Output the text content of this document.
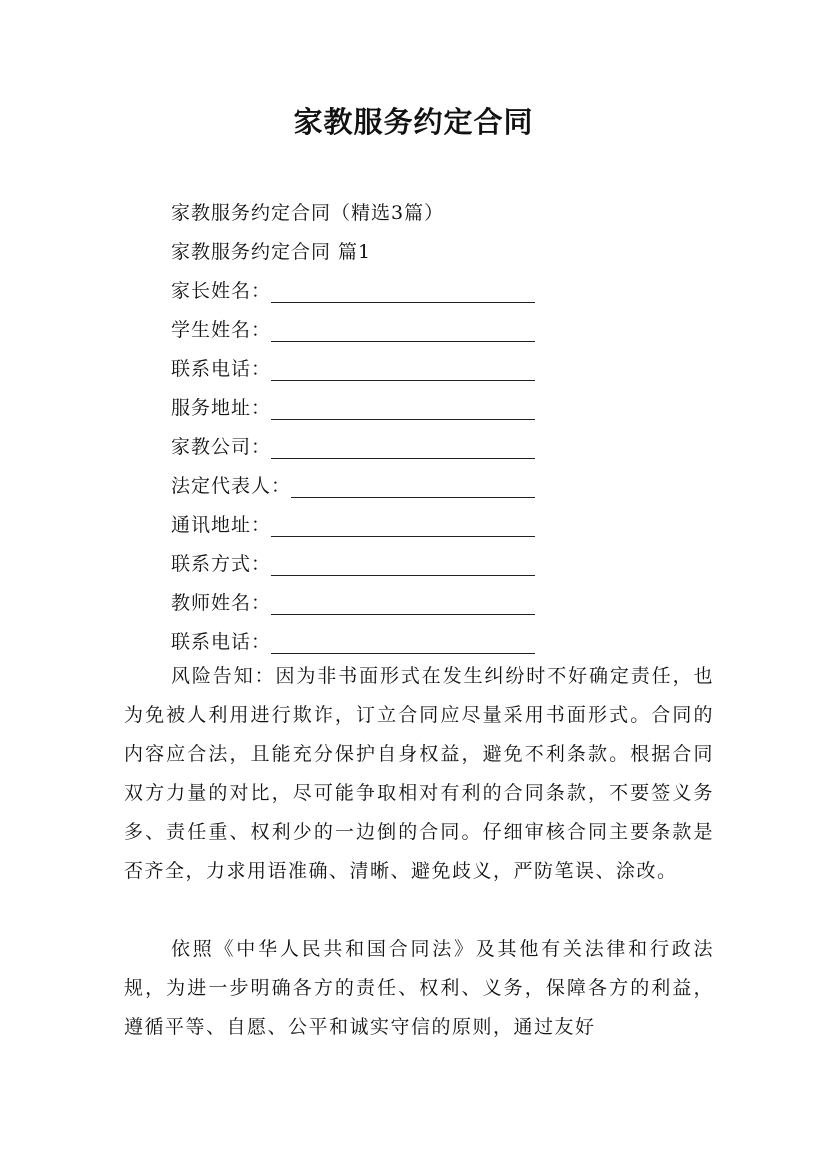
家教服务约定合同
家教服务约定合同（精选3篇）
家教服务约定合同 篇1
家长姓名：
学生姓名：
联系电话：
服务地址：
家教公司：
法定代表人：
通讯地址：
联系方式：
教师姓名：
联系电话：

风险告知：因为非书面形式在发生纠纷时不好确定责任，也为免被人利用进行欺诈，订立合同应尽量采用书面形式。合同的内容应合法，且能充分保护自身权益，避免不利条款。根据合同双方力量的对比，尽可能争取相对有利的合同条款，不要签义务多、责任重、权利少的一边倒的合同。仔细审核合同主要条款是否齐全，力求用语准确、清晰、避免歧义，严防笔误、涂改。

依照《中华人民共和国合同法》及其他有关法律和行政法规，为进一步明确各方的责任、权利、义务，保障各方的利益，遵循平等、自愿、公平和诚实守信的原则，通过友好
